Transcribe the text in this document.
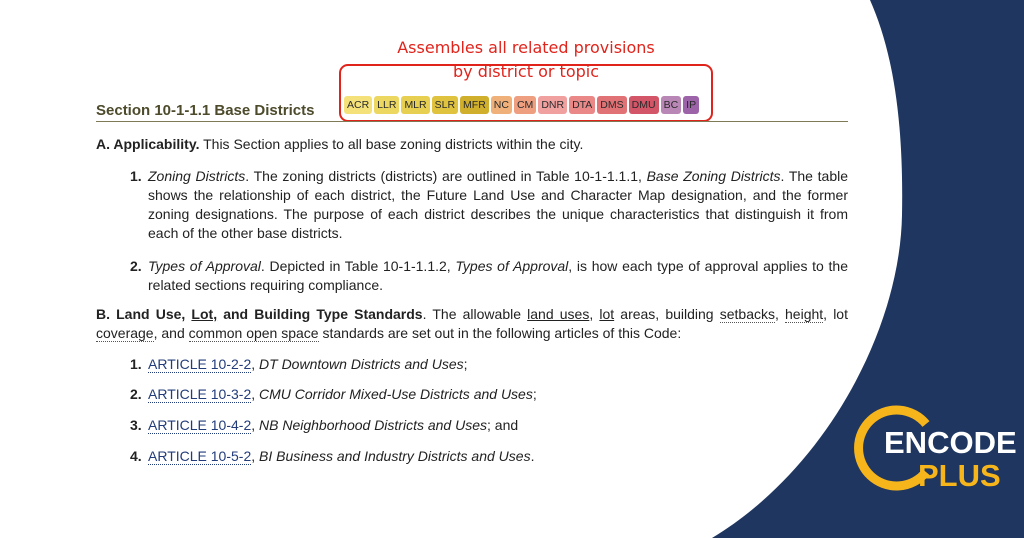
Assembles all related provisions
by district or topic
Section 10-1-1.1 Base Districts	ACR LLR MLR SLR MFR NC CM DNR DTA DMS DMU BC IP
A. Applicability. This Section applies to all base zoning districts within the city.
1. Zoning Districts. The zoning districts (districts) are outlined in Table 10-1-1.1.1, Base Zoning Districts. The table shows the relationship of each district, the Future Land Use and Character Map designation, and the former zoning designations. The purpose of each district describes the unique characteristics that distinguish it from each of the other base districts.
2. Types of Approval. Depicted in Table 10-1-1.1.2, Types of Approval, is how each type of approval applies to the related sections requiring compliance.
B. Land Use, Lot, and Building Type Standards. The allowable land uses, lot areas, building setbacks, height, lot coverage, and common open space standards are set out in the following articles of this Code:
1. ARTICLE 10-2-2, DT Downtown Districts and Uses;
2. ARTICLE 10-3-2, CMU Corridor Mixed-Use Districts and Uses;
3. ARTICLE 10-4-2, NB Neighborhood Districts and Uses; and
4. ARTICLE 10-5-2, BI Business and Industry Districts and Uses.	ENCODE
PLUS
